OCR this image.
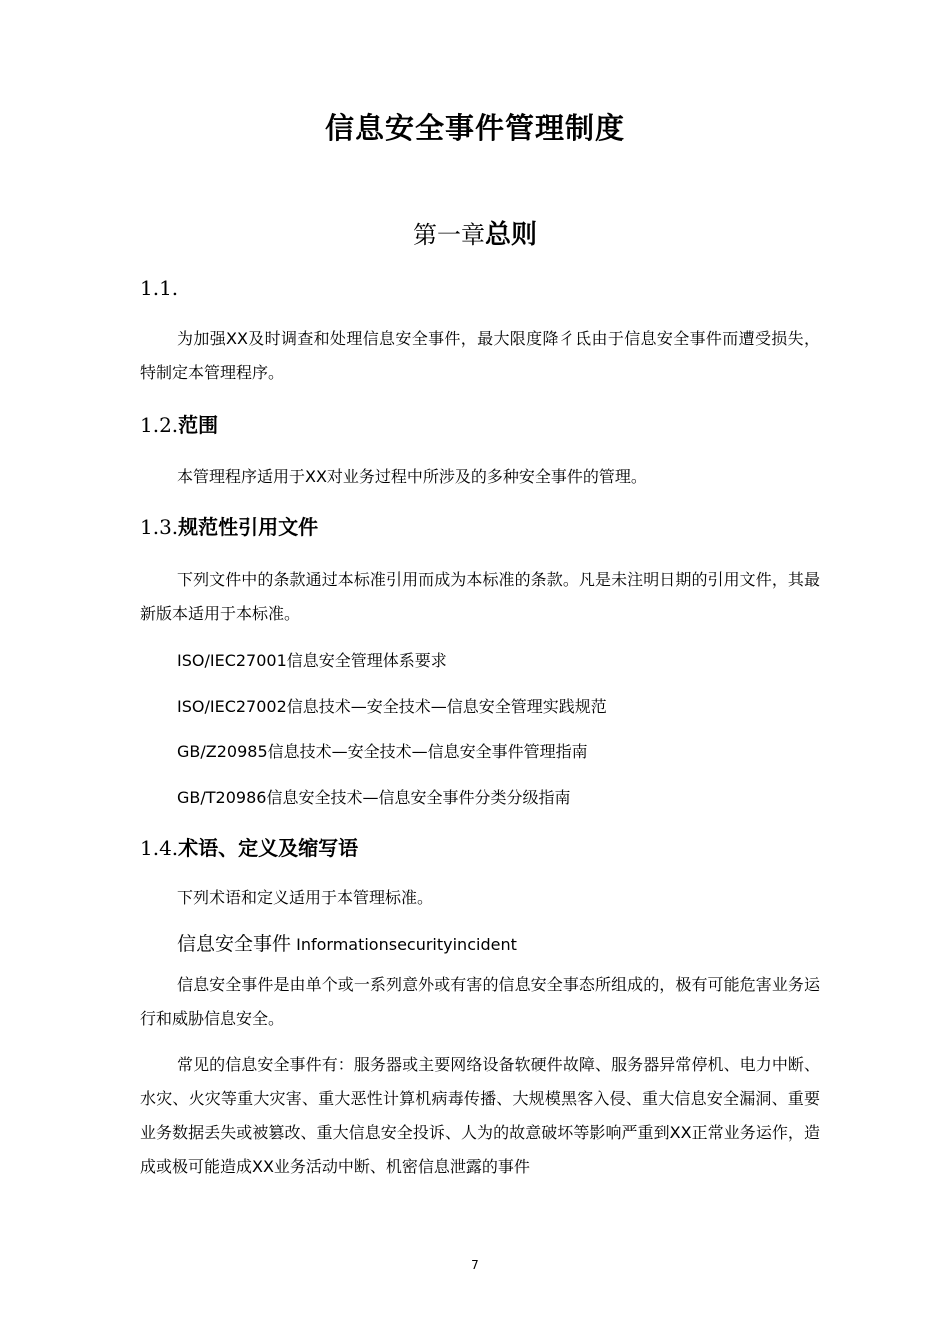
信息安全事件管理制度
第一章总则
1.1.
为加强XX及时调查和处理信息安全事件，最大限度降彳氐由于信息安全事件而遭受损失，特制定本管理程序。
1.2.范围
本管理程序适用于XX对业务过程中所涉及的多种安全事件的管理。
1.3.规范性引用文件
下列文件中的条款通过本标准引用而成为本标准的条款。凡是未注明日期的引用文件，其最新版本适用于本标准。
ISO/IEC27001信息安全管理体系要求
ISO/IEC27002信息技术—安全技术—信息安全管理实践规范
GB/Z20985信息技术—安全技术—信息安全事件管理指南
GB/T20986信息安全技术—信息安全事件分类分级指南
1.4.术语、定义及缩写语
下列术语和定义适用于本管理标准。
信息安全事件 Informationsecurityincident
信息安全事件是由单个或一系列意外或有害的信息安全事态所组成的，极有可能危害业务运行和威胁信息安全。
常见的信息安全事件有：服务器或主要网络设备软硬件故障、服务器异常停机、电力中断、水灾、火灾等重大灾害、重大恶性计算机病毒传播、大规模黑客入侵、重大信息安全漏洞、重要业务数据丢失或被篡改、重大信息安全投诉、人为的故意破坏等影响严重到XX正常业务运作，造成或极可能造成XX业务活动中断、机密信息泄露的事件
7
